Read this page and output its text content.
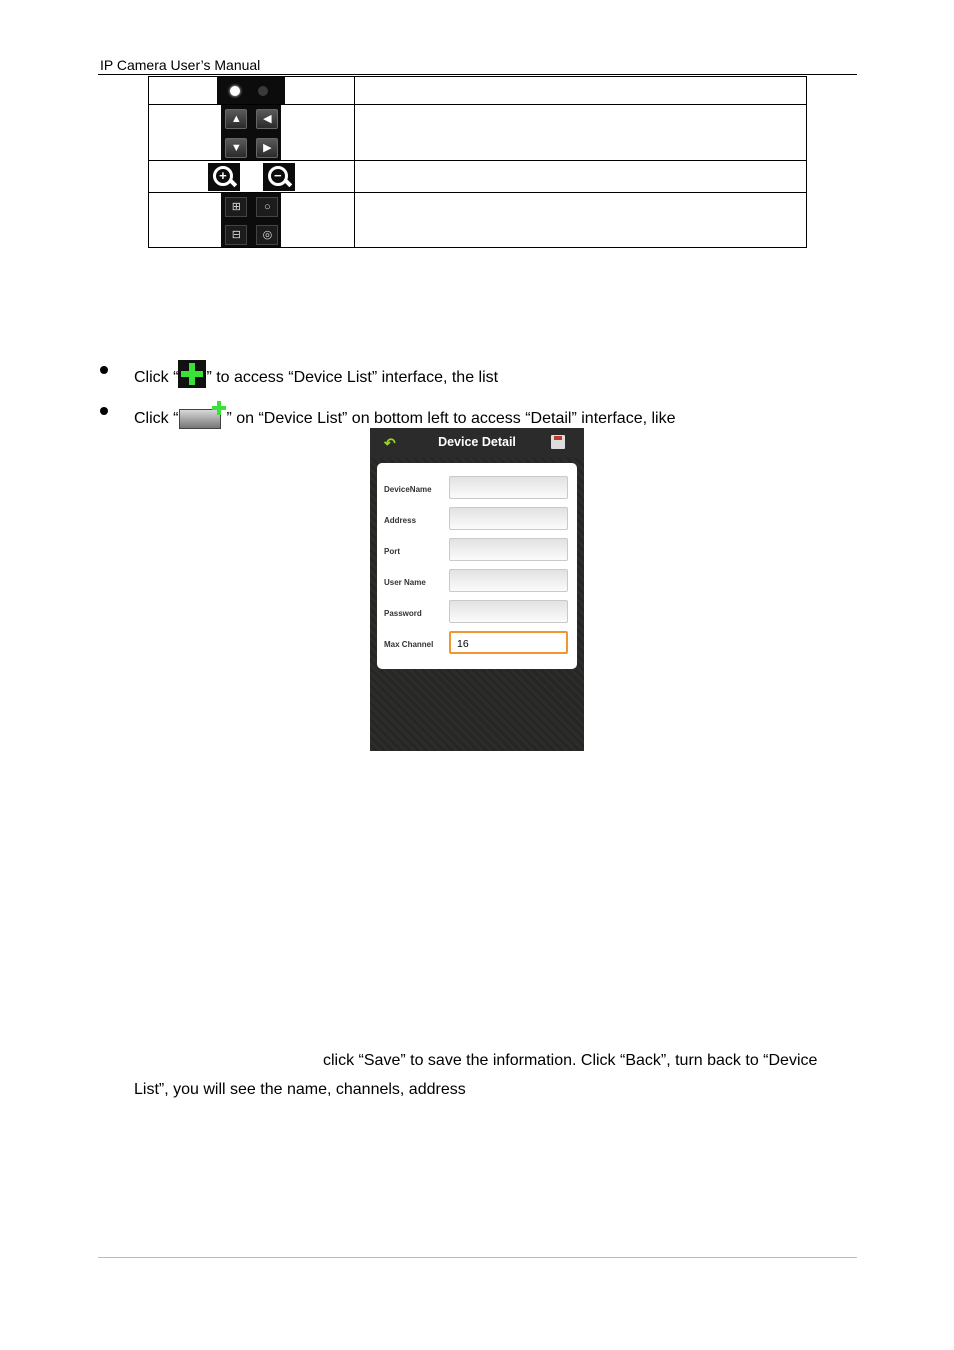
IP Camera User’s Manual

▲ ◀
▼ ▶	

+
−	

⊞ ○
⊟ ◎	

Click “ ” to access “Device List” interface, the list
Click “	” on “Device List” on bottom left to access “Detail” interface, like
↶	Device Detail
DeviceName
Address
Port
User Name
Password
Max Channel	16
click “Save” to save the information. Click “Back”, turn back to “Device
List”, you will see the name, channels, address
